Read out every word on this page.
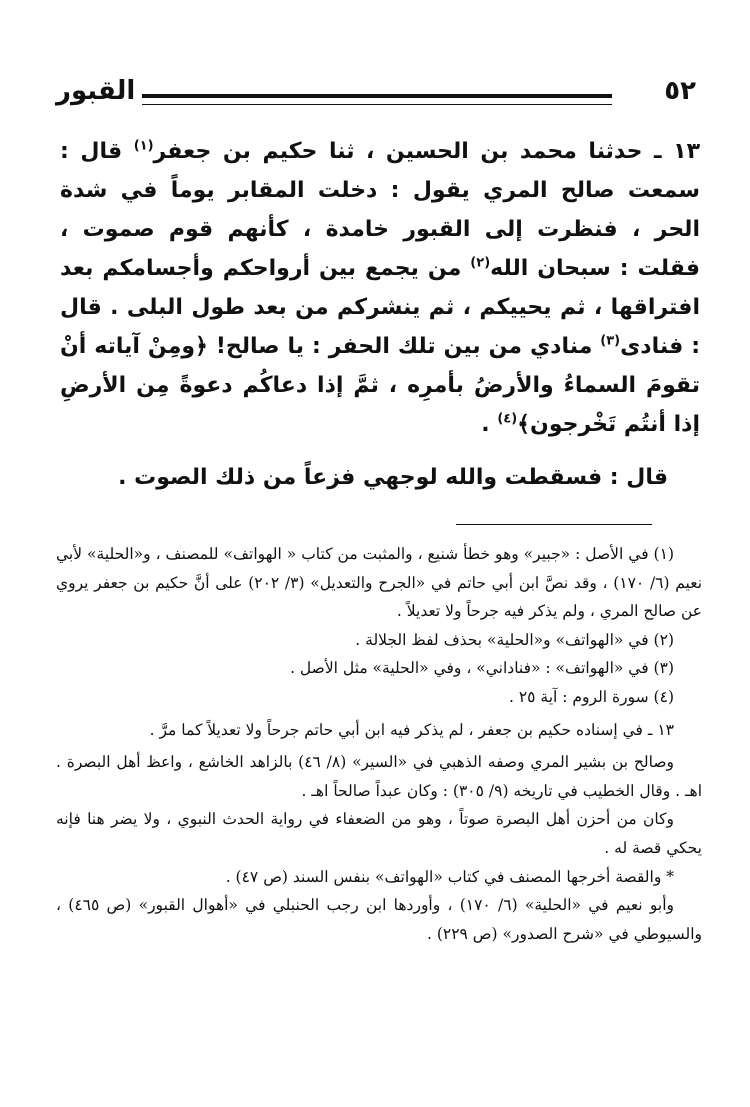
٥٢
القبور

١٣ ـ حدثنا محمد بن الحسين ، ثنا حكيم بن جعفر$^{(١)}$ قال : سمعت صالح المري يقول : دخلت المقابر يوماً في شدة الحر ، فنظرت إلى القبور خامدة ، كأنهم قوم صموت ، فقلت : سبحان الله$^{(٢)}$ من يجمع بين أرواحكم وأجسامكم بعد افتراقها ، ثم يحييكم ، ثم ينشركم من بعد طول البلى . قال : فنادى$^{(٣)}$ منادي من بين تلك الحفر : يا صالح! ﴿ومِنْ آياته أنْ تقومَ السماءُ والأرضُ بأمرِه ، ثمَّ إذا دعاكُم دعوةً مِن الأرضِ إذا أنتُم تَخْرجون﴾$^{(٤)}$ .

قال : فسقطت والله لوجهي فزعاً من ذلك الصوت .

(١) في الأصل : «جبير» وهو خطأ شنيع ، والمثبت من كتاب « الهواتف» للمصنف ، و«الحلية» لأبي نعيم (٦/ ١٧٠) ، وقد نصَّ ابن أبي حاتم في «الجرح والتعديل» (٣/ ٢٠٢) على أنَّ حكيم بن جعفر يروي عن صالح المري ، ولم يذكر فيه جرحاً ولا تعديلاً .

(٢) في «الهواتف» و«الحلية» بحذف لفظ الجلالة .

(٣) في «الهواتف» : «فناداني» ، وفي «الحلية» مثل الأصل .

(٤) سورة الروم : آية ٢٥ .

١٣ ـ في إسناده حكيم بن جعفر ، لم يذكر فيه ابن أبي حاتم جرحاً ولا تعديلاً كما مرَّ .

وصالح بن بشير المري وصفه الذهبي في «السير» (٨/ ٤٦) بالزاهد الخاشع ، واعظ أهل البصرة . اهـ . وقال الخطيب في تاريخه (٩/ ٣٠٥) : وكان عبداً صالحاً اهـ .

وكان من أحزن أهل البصرة صوتاً ، وهو من الضعفاء في رواية الحدث النبوي ، ولا يضر هنا فإنه يحكي قصة له .

* والقصة أخرجها المصنف في كتاب «الهواتف» بنفس السند (ص ٤٧) .

وأبو نعيم في «الحلية» (٦/ ١٧٠) ، وأوردها ابن رجب الحنبلي في «أهوال القبور» (ص ٤٦٥) ، والسيوطي في «شرح الصدور» (ص ٢٢٩) .
